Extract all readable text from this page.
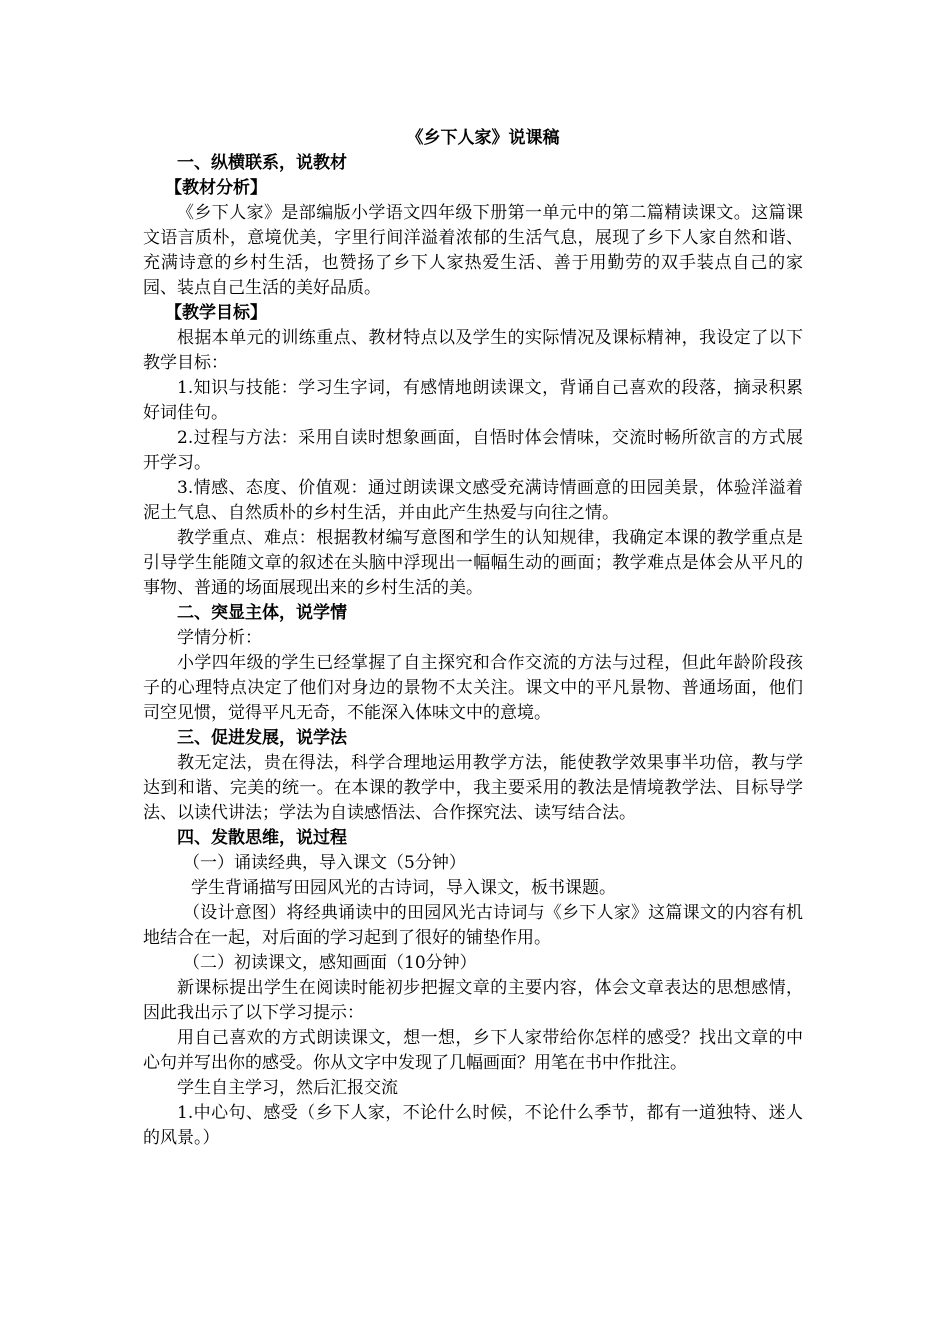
《乡下人家》说课稿

一、纵横联系，说教材

【教材分析】

《乡下人家》是部编版小学语文四年级下册第一单元中的第二篇精读课文。这篇课文语言质朴，意境优美，字里行间洋溢着浓郁的生活气息，展现了乡下人家自然和谐、充满诗意的乡村生活，也赞扬了乡下人家热爱生活、善于用勤劳的双手装点自己的家园、装点自己生活的美好品质。

【教学目标】

根据本单元的训练重点、教材特点以及学生的实际情况及课标精神，我设定了以下教学目标：

1.知识与技能：学习生字词，有感情地朗读课文，背诵自己喜欢的段落，摘录积累好词佳句。

2.过程与方法：采用自读时想象画面，自悟时体会情味，交流时畅所欲言的方式展开学习。

3.情感、态度、价值观：通过朗读课文感受充满诗情画意的田园美景，体验洋溢着泥土气息、自然质朴的乡村生活，并由此产生热爱与向往之情。

教学重点、难点：根据教材编写意图和学生的认知规律，我确定本课的教学重点是引导学生能随文章的叙述在头脑中浮现出一幅幅生动的画面；教学难点是体会从平凡的事物、普通的场面展现出来的乡村生活的美。

二、突显主体，说学情

学情分析：

小学四年级的学生已经掌握了自主探究和合作交流的方法与过程，但此年龄阶段孩子的心理特点决定了他们对身边的景物不太关注。课文中的平凡景物、普通场面，他们司空见惯，觉得平凡无奇，不能深入体味文中的意境。

三、促进发展，说学法

教无定法，贵在得法，科学合理地运用教学方法，能使教学效果事半功倍，教与学达到和谐、完美的统一。在本课的教学中，我主要采用的教法是情境教学法、目标导学法、以读代讲法；学法为自读感悟法、合作探究法、读写结合法。

四、发散思维，说过程

（一）诵读经典，导入课文（5分钟）

学生背诵描写田园风光的古诗词，导入课文，板书课题。

（设计意图）将经典诵读中的田园风光古诗词与《乡下人家》这篇课文的内容有机地结合在一起，对后面的学习起到了很好的铺垫作用。

（二）初读课文，感知画面（10分钟）

新课标提出学生在阅读时能初步把握文章的主要内容，体会文章表达的思想感情，因此我出示了以下学习提示：

用自己喜欢的方式朗读课文，想一想，乡下人家带给你怎样的感受？找出文章的中心句并写出你的感受。你从文字中发现了几幅画面？用笔在书中作批注。

学生自主学习，然后汇报交流

1.中心句、感受（乡下人家，不论什么时候，不论什么季节，都有一道独特、迷人的风景。）
